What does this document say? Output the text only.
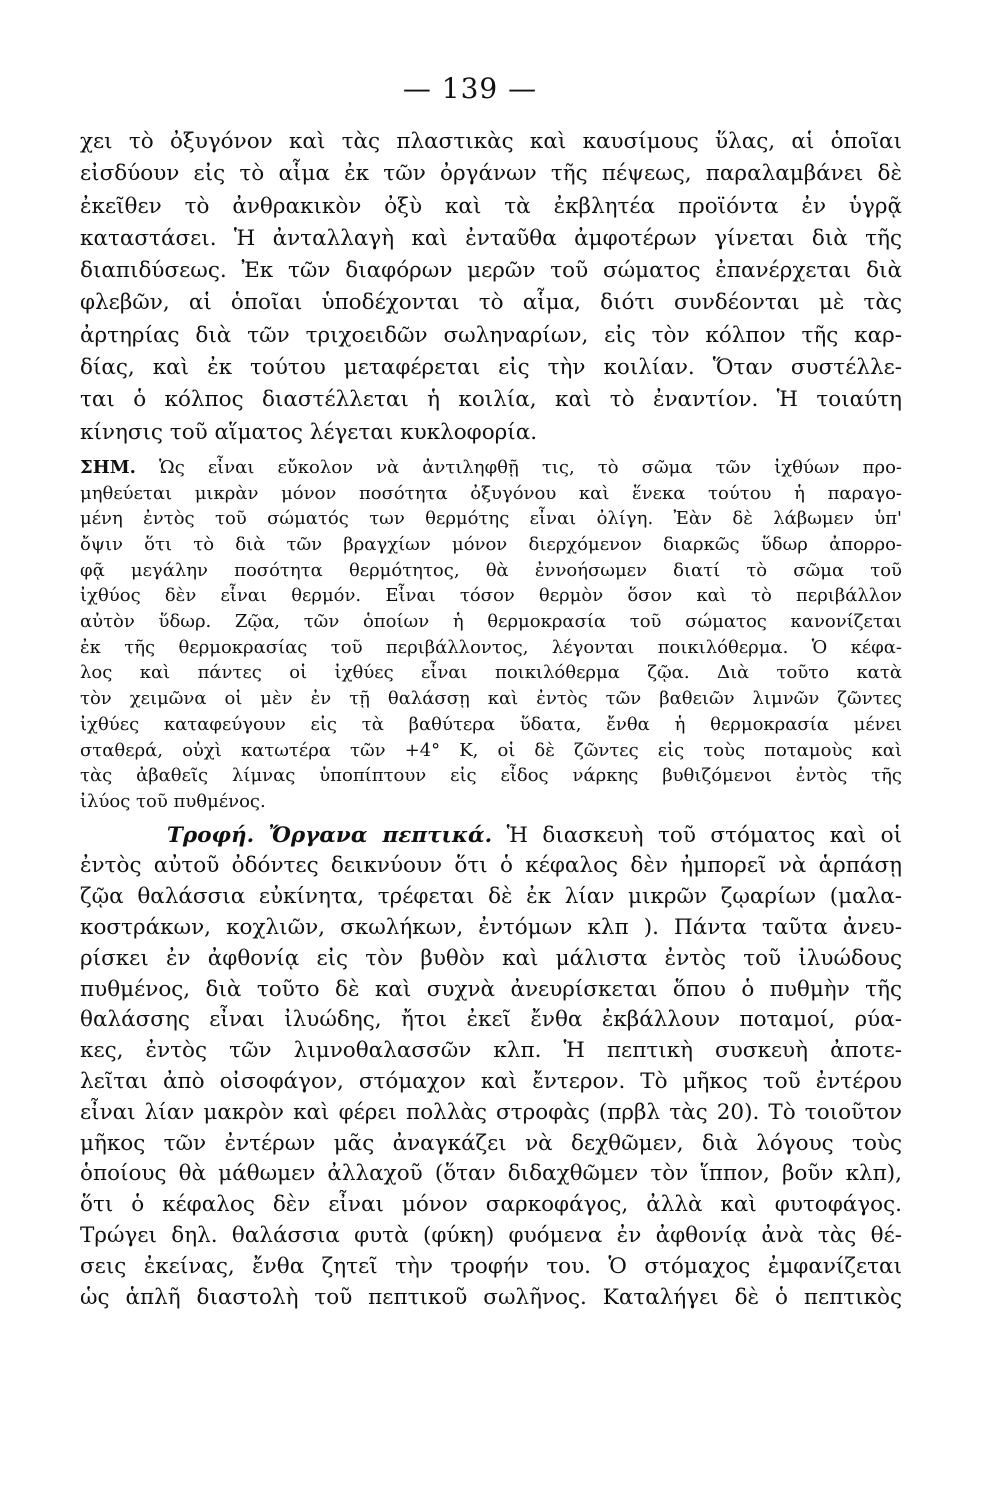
— 139 —
χει τὸ ὀξυγόνον καὶ τὰς πλαστικὰς καὶ καυσίμους ὕλας, αἱ ὁποῖαι
εἰσδύουν εἰς τὸ αἷμα ἐκ τῶν ὀργάνων τῆς πέψεως, παραλαμβάνει δὲ
ἐκεῖθεν τὸ ἀνθρακικὸν ὀξὺ καὶ τὰ ἐκβλητέα προϊόντα ἐν ὑγρᾷ
καταστάσει. Ἡ ἀνταλλαγὴ καὶ ἐνταῦθα ἀμφοτέρων γίνεται διὰ τῆς
διαπιδύσεως. Ἐκ τῶν διαφόρων μερῶν τοῦ σώματος ἐπανέρχεται διὰ
φλεβῶν, αἱ ὁποῖαι ὑποδέχονται τὸ αἷμα, διότι συνδέονται μὲ τὰς
ἀρτηρίας διὰ τῶν τριχοειδῶν σωληναρίων, εἰς τὸν κόλπον τῆς καρ-
δίας, καὶ ἐκ τούτου μεταφέρεται εἰς τὴν κοιλίαν. Ὅταν συστέλλε-
ται ὁ κόλπος διαστέλλεται ἡ κοιλία, καὶ τὸ ἐναντίον. Ἡ τοιαύτη
κίνησις τοῦ αἵματος λέγεται κυκλοφορία.
ΣΗΜ. Ὡς εἶναι εὔκολον νὰ ἀντιληφθῇ τις, τὸ σῶμα τῶν ἰχθύων προ-
μηθεύεται μικρὰν μόνον ποσότητα ὀξυγόνου καὶ ἕνεκα τούτου ἡ παραγο-
μένη ἐντὸς τοῦ σώματός των θερμότης εἶναι ὀλίγη. Ἐὰν δὲ λάβωμεν ὑπ'
ὄψιν ὅτι τὸ διὰ τῶν βραγχίων μόνον διερχόμενον διαρκῶς ὕδωρ ἀπορρο-
φᾷ μεγάλην ποσότητα θερμότητος, θὰ ἐννοήσωμεν διατί τὸ σῶμα τοῦ
ἰχθύος δὲν εἶναι θερμόν. Εἶναι τόσον θερμὸν ὅσον καὶ τὸ περιβάλλον
αὐτὸν ὕδωρ. Ζῷα, τῶν ὁποίων ἡ θερμοκρασία τοῦ σώματος κανονίζεται
ἐκ τῆς θερμοκρασίας τοῦ περιβάλλοντος, λέγονται ποικιλόθερμα. Ὁ κέφα-
λος καὶ πάντες οἱ ἰχθύες εἶναι ποικιλόθερμα ζῷα. Διὰ τοῦτο κατὰ
τὸν χειμῶνα οἱ μὲν ἐν τῇ θαλάσσῃ καὶ ἐντὸς τῶν βαθειῶν λιμνῶν ζῶντες
ἰχθύες καταφεύγουν εἰς τὰ βαθύτερα ὕδατα, ἔνθα ἡ θερμοκρασία μένει
σταθερά, οὐχὶ κατωτέρα τῶν +4° K, οἱ δὲ ζῶντες εἰς τοὺς ποταμοὺς καὶ
τὰς ἀβαθεῖς λίμνας ὑποπίπτουν εἰς εἶδος νάρκης βυθιζόμενοι ἐντὸς τῆς
ἰλύος τοῦ πυθμένος.
Τροφή. Ὄργανα πεπτικά. Ἡ διασκευὴ τοῦ στόματος καὶ οἱ
ἐντὸς αὐτοῦ ὀδόντες δεικνύουν ὅτι ὁ κέφαλος δὲν ἠμπορεῖ νὰ ἁρπάσῃ
ζῷα θαλάσσια εὐκίνητα, τρέφεται δὲ ἐκ λίαν μικρῶν ζῳαρίων (μαλα-
κοστράκων, κοχλιῶν, σκωλήκων, ἐντόμων κλπ ). Πάντα ταῦτα ἀνευ-
ρίσκει ἐν ἀφθονίᾳ εἰς τὸν βυθὸν καὶ μάλιστα ἐντὸς τοῦ ἰλυώδους
πυθμένος, διὰ τοῦτο δὲ καὶ συχνὰ ἀνευρίσκεται ὅπου ὁ πυθμὴν τῆς
θαλάσσης εἶναι ἰλυώδης, ἤτοι ἐκεῖ ἔνθα ἐκβάλλουν ποταμοί, ρύα-
κες, ἐντὸς τῶν λιμνοθαλασσῶν κλπ. Ἡ πεπτικὴ συσκευὴ ἀποτε-
λεῖται ἀπὸ οἰσοφάγον, στόμαχον καὶ ἔντερον. Τὸ μῆκος τοῦ ἐντέρου
εἶναι λίαν μακρὸν καὶ φέρει πολλὰς στροφὰς (πρβλ τὰς 20). Τὸ τοιοῦτον
μῆκος τῶν ἐντέρων μᾶς ἀναγκάζει νὰ δεχθῶμεν, διὰ λόγους τοὺς
ὁποίους θὰ μάθωμεν ἀλλαχοῦ (ὅταν διδαχθῶμεν τὸν ἵππον, βοῦν κλπ),
ὅτι ὁ κέφαλος δὲν εἶναι μόνον σαρκοφάγος, ἀλλὰ καὶ φυτοφάγος.
Τρώγει δηλ. θαλάσσια φυτὰ (φύκη) φυόμενα ἐν ἀφθονίᾳ ἀνὰ τὰς θέ-
σεις ἐκείνας, ἔνθα ζητεῖ τὴν τροφήν του. Ὁ στόμαχος ἐμφανίζεται
ὡς ἁπλῆ διαστολὴ τοῦ πεπτικοῦ σωλῆνος. Καταλήγει δὲ ὁ πεπτικὸς
